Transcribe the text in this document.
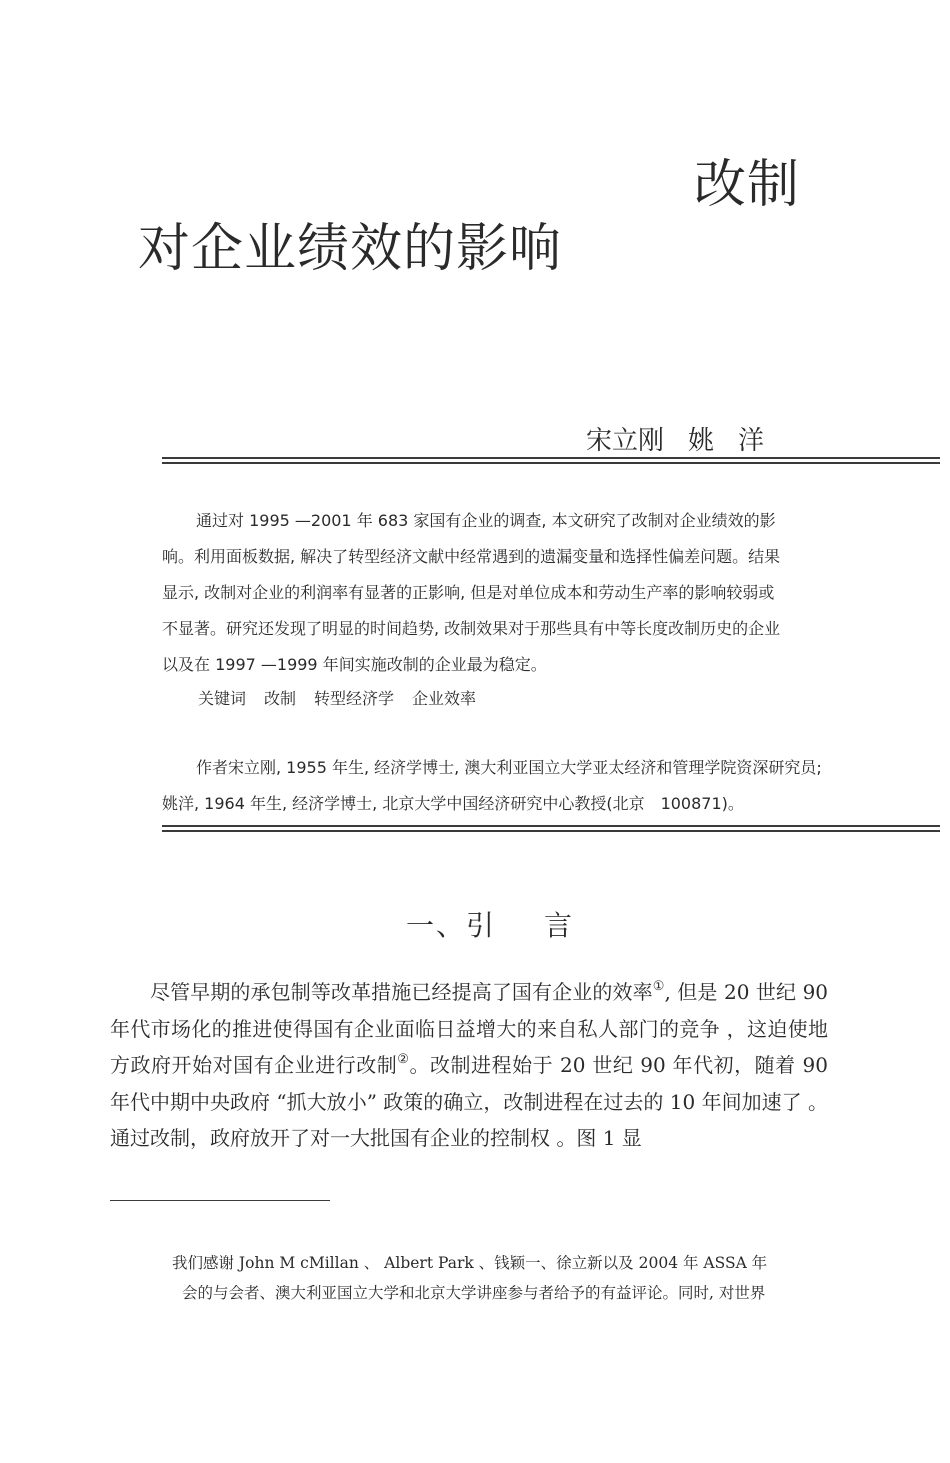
改制
对企业绩效的影响
宋立刚 姚 洋

通过对 1995 —2001 年 683 家国有企业的调查, 本文研究了改制对企业绩效的影响。利用面板数据, 解决了转型经济文献中经常遇到的遗漏变量和选择性偏差问题。结果显示, 改制对企业的利润率有显著的正影响, 但是对单位成本和劳动生产率的影响较弱或不显著。研究还发现了明显的时间趋势, 改制效果对于那些具有中等长度改制历史的企业以及在 1997 —1999 年间实施改制的企业最为稳定。

关键词 改制 转型经济学 企业效率

作者宋立刚, 1955 年生, 经济学博士, 澳大利亚国立大学亚太经济和管理学院资深研究员; 姚洋, 1964 年生, 经济学博士, 北京大学中国经济研究中心教授(北京　100871)。

一、引 言

尽管早期的承包制等改革措施已经提高了国有企业的效率①, 但是 20 世纪 90 年代市场化的推进使得国有企业面临日益增大的来自私人部门的竞争 ，这迫使地方政府开始对国有企业进行改制②。改制进程始于 20 世纪 90 年代初，随着 90 年代中期中央政府 “抓大放小” 政策的确立，改制进程在过去的 10 年间加速了 。通过改制，政府放开了对一大批国有企业的控制权 。图 1 显

我们感谢 John M cMillan 、 Albert Park 、钱颖一、徐立新以及 2004 年 ASSA 年
会的与会者、澳大利亚国立大学和北京大学讲座参与者给予的有益评论。同时, 对世界
